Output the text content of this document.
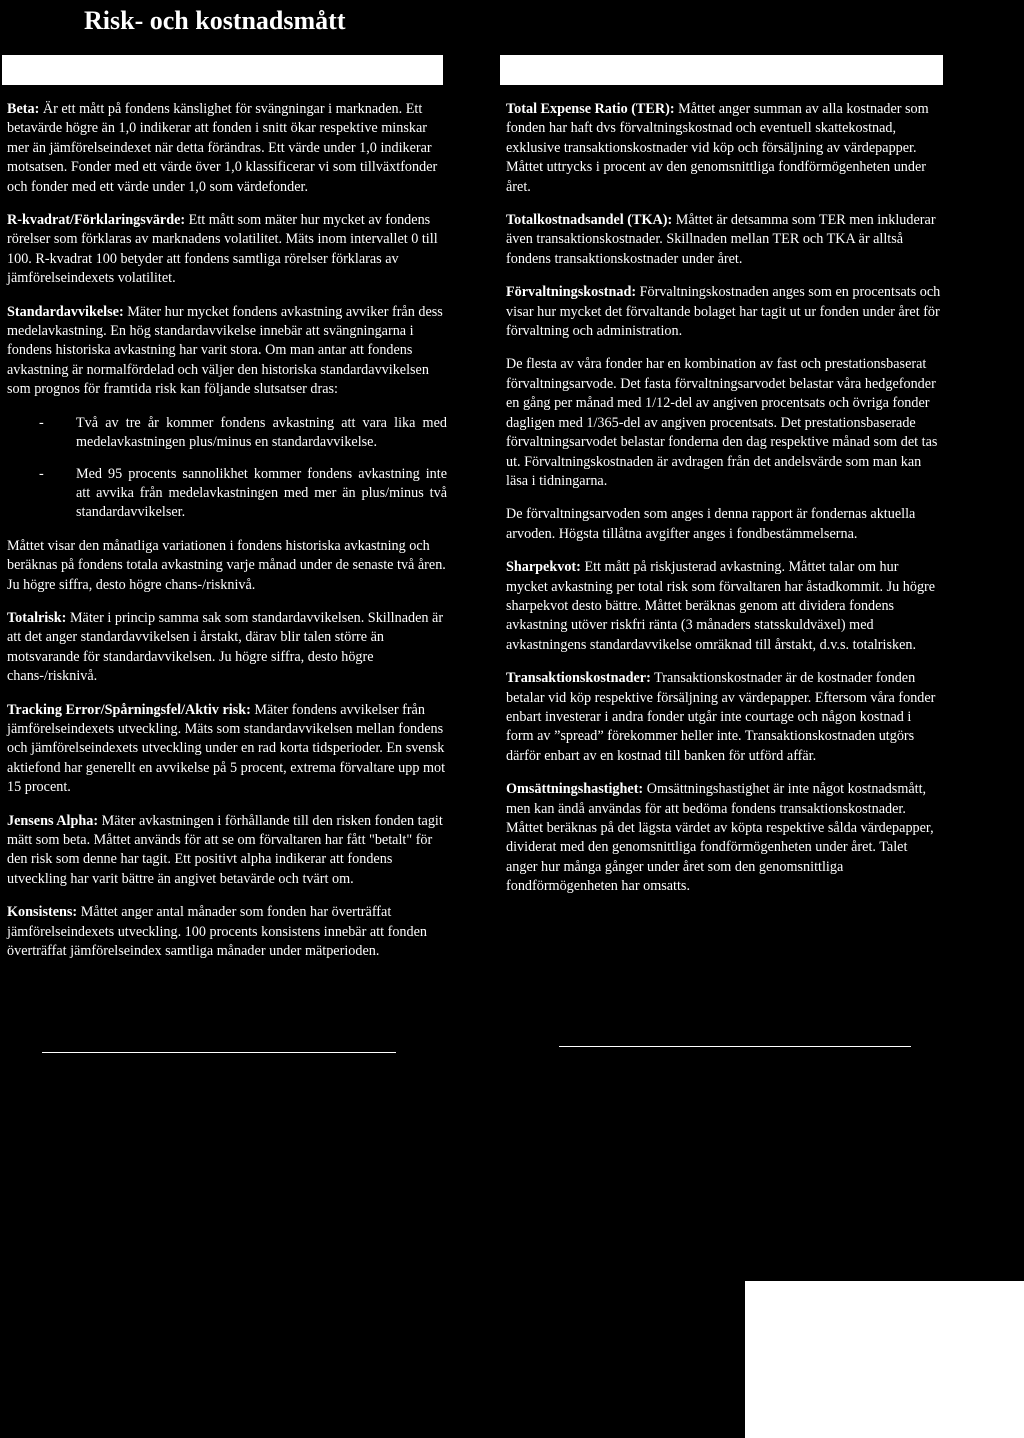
Risk- och kostnadsmått

Beta: Är ett mått på fondens känslighet för svängningar i marknaden. Ett betavärde högre än 1,0 indikerar att fonden i snitt ökar respektive minskar mer än jämförelseindexet när detta förändras. Ett värde under 1,0 indikerar motsatsen. Fonder med ett värde över 1,0 klassificerar vi som tillväxtfonder och fonder med ett värde under 1,0 som värdefonder.

R-kvadrat/Förklaringsvärde: Ett mått som mäter hur mycket av fondens rörelser som förklaras av marknadens volatilitet. Mäts inom intervallet 0 till 100. R-kvadrat 100 betyder att fondens samtliga rörelser förklaras av jämförelseindexets volatilitet.

Standardavvikelse: Mäter hur mycket fondens avkastning avviker från dess medelavkastning. En hög standardavvikelse innebär att svängningarna i fondens historiska avkastning har varit stora. Om man antar att fondens avkastning är normalfördelad och väljer den historiska standardavvikelsen som prognos för framtida risk kan följande slutsatser dras:

- Två av tre år kommer fondens avkastning att vara lika med medelavkastningen plus/minus en standardavvikelse.
- Med 95 procents sannolikhet kommer fondens avkastning inte att avvika från medelavkastningen med mer än plus/minus två standardavvikelser.

Måttet visar den månatliga variationen i fondens historiska avkastning och beräknas på fondens totala avkastning varje månad under de senaste två åren. Ju högre siffra, desto högre chans-/risknivå.

Totalrisk: Mäter i princip samma sak som standardavvikelsen. Skillnaden är att det anger standardavvikelsen i årstakt, därav blir talen större än motsvarande för standardavvikelsen. Ju högre siffra, desto högre chans-/risknivå.

Tracking Error/Spårningsfel/Aktiv risk: Mäter fondens avvikelser från jämförelseindexets utveckling. Mäts som standardavvikelsen mellan fondens och jämförelseindexets utveckling under en rad korta tidsperioder. En svensk aktiefond har generellt en avvikelse på 5 procent, extrema förvaltare upp mot 15 procent.

Jensens Alpha: Mäter avkastningen i förhållande till den risken fonden tagit mätt som beta. Måttet används för att se om förvaltaren har fått "betalt" för den risk som denne har tagit. Ett positivt alpha indikerar att fondens utveckling har varit bättre än angivet betavärde och tvärt om.

Konsistens: Måttet anger antal månader som fonden har överträffat jämförelseindexets utveckling. 100 procents konsistens innebär att fonden överträffat jämförelseindex samtliga månader under mätperioden.

Total Expense Ratio (TER): Måttet anger summan av alla kostnader som fonden har haft dvs förvaltningskostnad och eventuell skattekostnad, exklusive transaktionskostnader vid köp och försäljning av värdepapper. Måttet uttrycks i procent av den genomsnittliga fondförmögenheten under året.

Totalkostnadsandel (TKA): Måttet är detsamma som TER men inkluderar även transaktionskostnader. Skillnaden mellan TER och TKA är alltså fondens transaktionskostnader under året.

Förvaltningskostnad: Förvaltningskostnaden anges som en procentsats och visar hur mycket det förvaltande bolaget har tagit ut ur fonden under året för förvaltning och administration.

De flesta av våra fonder har en kombination av fast och prestationsbaserat förvaltningsarvode. Det fasta förvaltningsarvodet belastar våra hedgefonder en gång per månad med 1/12-del av angiven procentsats och övriga fonder dagligen med 1/365-del av angiven procentsats. Det prestationsbaserade förvaltningsarvodet belastar fonderna den dag respektive månad som det tas ut. Förvaltningskostnaden är avdragen från det andelsvärde som man kan läsa i tidningarna.

De förvaltningsarvoden som anges i denna rapport är fondernas aktuella arvoden. Högsta tillåtna avgifter anges i fondbestämmelserna.

Sharpekvot: Ett mått på riskjusterad avkastning. Måttet talar om hur mycket avkastning per total risk som förvaltaren har åstadkommit. Ju högre sharpekvot desto bättre. Måttet beräknas genom att dividera fondens avkastning utöver riskfri ränta (3 månaders statsskuldväxel) med avkastningens standardavvikelse omräknad till årstakt, d.v.s. totalrisken.

Transaktionskostnader: Transaktionskostnader är de kostnader fonden betalar vid köp respektive försäljning av värdepapper. Eftersom våra fonder enbart investerar i andra fonder utgår inte courtage och någon kostnad i form av ”spread” förekommer heller inte. Transaktionskostnaden utgörs därför enbart av en kostnad till banken för utförd affär.

Omsättningshastighet: Omsättningshastighet är inte något kostnadsmått, men kan ändå användas för att bedöma fondens transaktionskostnader. Måttet beräknas på det lägsta värdet av köpta respektive sålda värdepapper, dividerat med den genomsnittliga fondförmögenheten under året. Talet anger hur många gånger under året som den genomsnittliga fondförmögenheten har omsatts.
